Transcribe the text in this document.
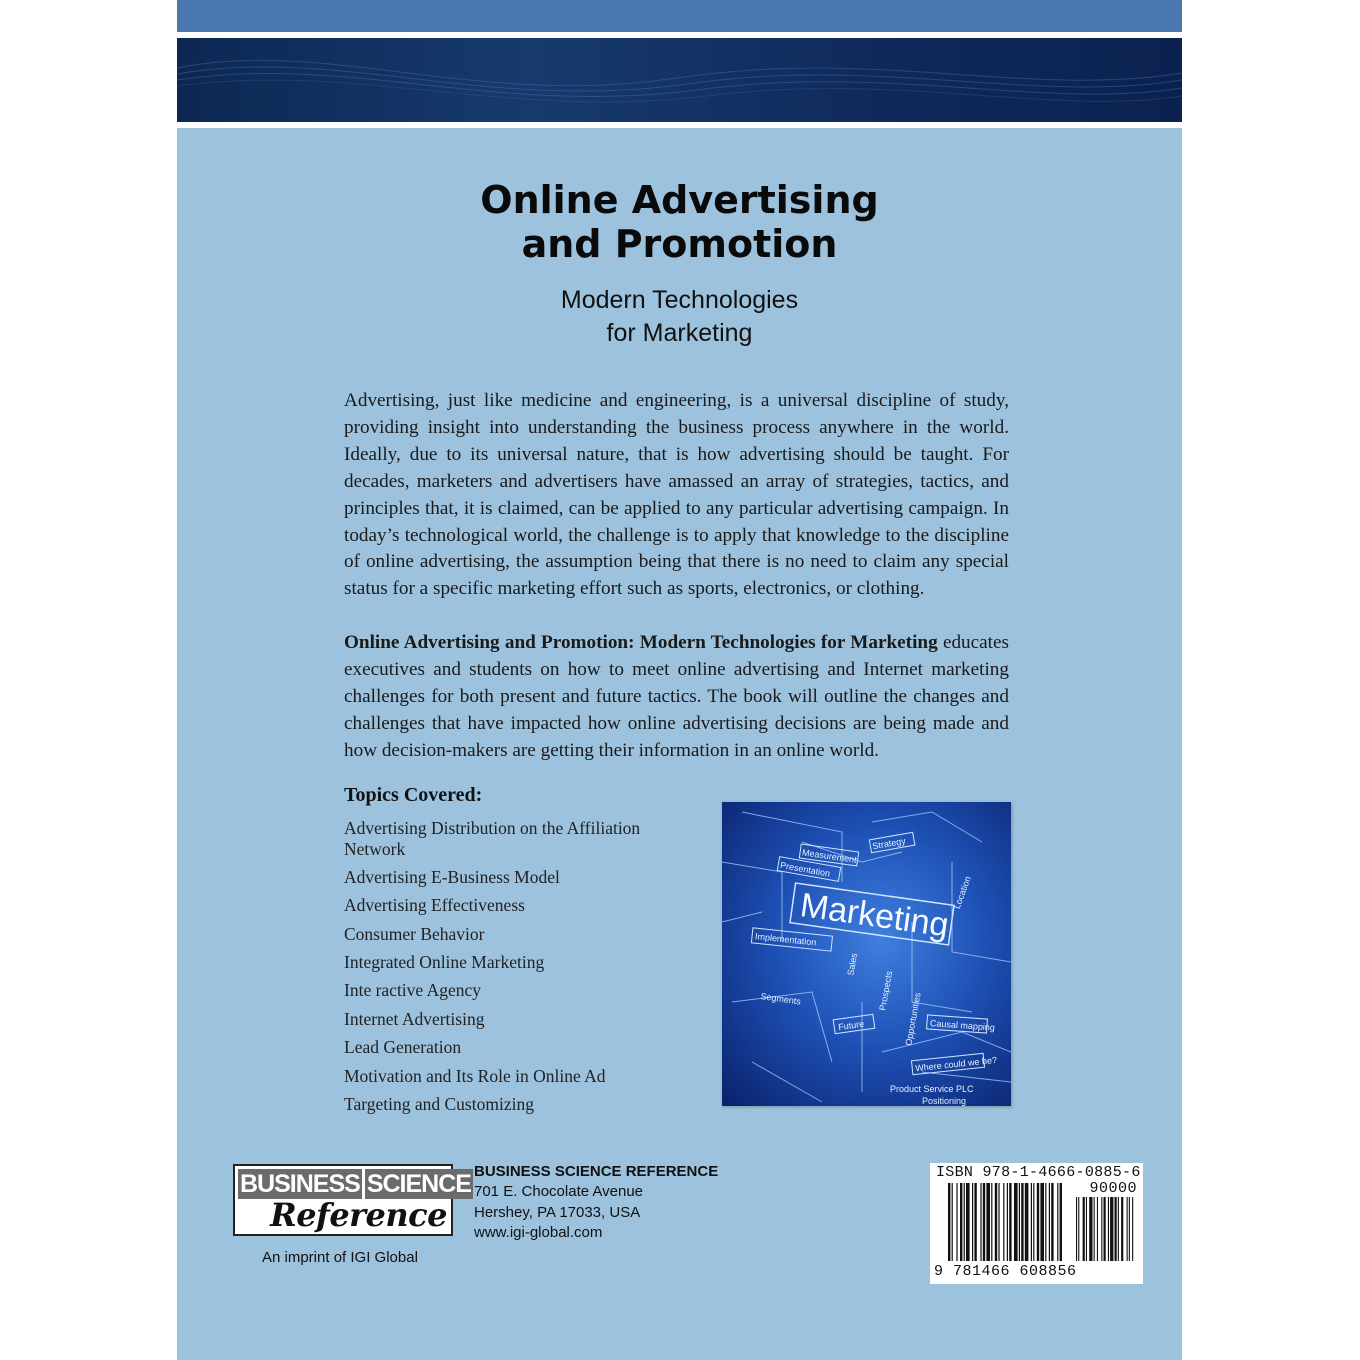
Online Advertising
and Promotion
Modern Technologies
for Marketing

Advertising, just like medicine and engineering, is a universal discipline of study, providing insight into understanding the business process anywhere in the world. Ideally, due to its universal nature, that is how advertising should be taught. For decades, marketers and advertisers have amassed an array of strategies, tactics, and principles that, it is claimed, can be applied to any particular advertising campaign. In today’s technological world, the challenge is to apply that knowledge to the discipline of online advertising, the assumption being that there is no need to claim any special status for a specific marketing effort such as sports, electronics, or clothing.

Online Advertising and Promotion: Modern Technologies for Marketing educates executives and students on how to meet online advertising and Internet marketing challenges for both present and future tactics. The book will outline the changes and challenges that have impacted how online advertising decisions are being made and how decision-makers are getting their information in an online world.

Topics Covered:
Advertising Distribution on the Affiliation Network
Advertising E-Business Model
Advertising Effectiveness
Consumer Behavior
Integrated Online Marketing
Inte ractive Agency
Internet Advertising
Lead Generation
Motivation and Its Role in Online Ad
Targeting and Customizing
Measurement
Presentation
Implementation
Strategy
Future	Causal mapping
Where could we be?
Product Service PLC
Location
Segments
Sales
Prospects
Opportunities
Positioning
Marketing
BUSINESS SCIENCE
Reference

An imprint of IGI Global

BUSINESS SCIENCE REFERENCE
701 E. Chocolate Avenue
Hershey, PA 17033, USA
www.igi-global.com

ISBN 978-1-4666-0885-6

90000

9 781466 608856
